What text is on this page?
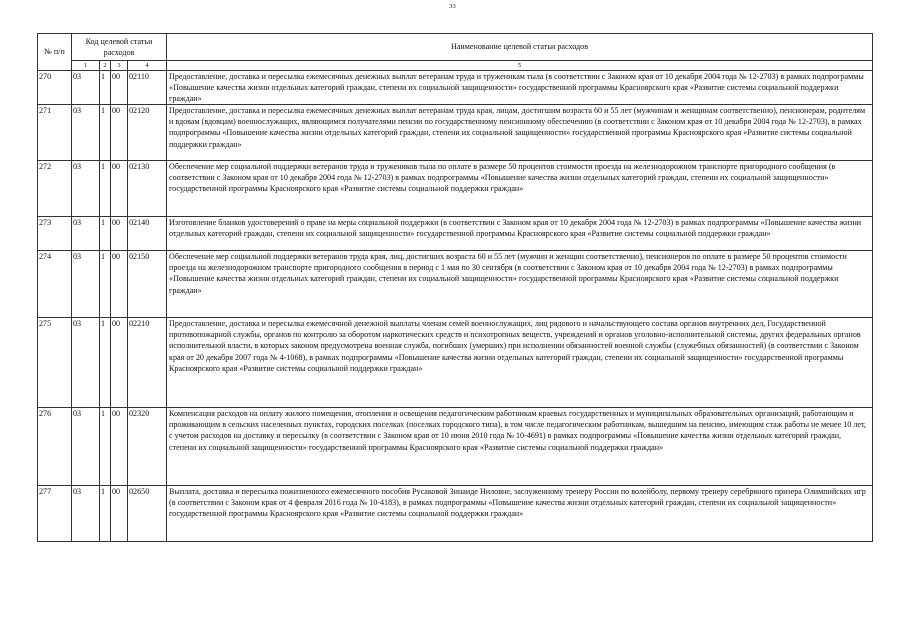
33
№ п/п	Код целевой статьи расходов				Наименование целевой статьи расходов
	1	2	3	4	5
270	03	1	00	02110	Предоставление, доставка и пересылка ежемесячных денежных выплат ветеранам труда и труженикам тыла (в соответствии с Законом края от 10 декабря 2004 года № 12-2703) в рамках подпрограммы «Повышение качества жизни отдельных категорий граждан, степени их социальной защищенности» государственной программы Красноярского края «Развитие системы социальной поддержки граждан»
271	03	1	00	02120	Предоставление, доставка и пересылка ежемесячных денежных выплат ветеранам труда края, лицам, достигшим возраста 60 и 55 лет (мужчинам и женщинам соответственно), пенсионерам, родителям и вдовам (вдовцам) военнослужащих, являющимся получателями пенсии по государственному пенсионному обеспечению (в соответствии с Законом края от 10 декабря 2004 года № 12-2703), в рамках подпрограммы «Повышение качества жизни отдельных категорий граждан, степени их социальной защищенности» государственной программы Красноярского края «Развитие системы социальной поддержки граждан»
272	03	1	00	02130	Обеспечение мер социальной поддержки ветеранов труда и тружеников тыла по оплате в размере 50 процентов стоимости проезда на железнодорожном транспорте пригородного сообщения (в соответствии с Законом края от 10 декабря 2004 года № 12-2703) в рамках подпрограммы «Повышение качества жизни отдельных категорий граждан, степени их социальной защищенности» государственной программы Красноярского края «Развитие системы социальной поддержки граждан»
273	03	1	00	02140	Изготовление бланков удостоверений о праве на меры социальной поддержки (в соответствии с Законом края от 10 декабря 2004 года № 12-2703) в рамках подпрограммы «Повышение качества жизни отдельных категорий граждан, степени их социальной защищенности» государственной программы Красноярского края «Развитие системы социальной поддержки граждан»
274	03	1	00	02150	Обеспечение мер социальной поддержки ветеранов труда края, лиц, достигших возраста 60 и 55 лет (мужчин и женщин соответственно), пенсионеров по оплате в размере 50 процентов стоимости проезда на железнодорожном транспорте пригородного сообщения в период с 1 мая по 30 сентября (в соответствии с Законом края от 10 декабря 2004 года № 12-2703) в рамках подпрограммы «Повышение качества жизни отдельных категорий граждан, степени их социальной защищенности» государственной программы Красноярского края «Развитие системы социальной поддержки граждан»
275	03	1	00	02210	Предоставление, доставка и пересылка ежемесячной денежной выплаты членам семей военнослужащих, лиц рядового и начальствующего состава органов внутренних дел, Государственной противопожарной службы, органов по контролю за оборотом наркотических средств и психотропных веществ, учреждений и органов уголовно-исполнительной системы, других федеральных органов исполнительной власти, в которых законом предусмотрена военная служба, погибших (умерших) при исполнении обязанностей военной службы (служебных обязанностей) (в соответствии с Законом края от 20 декабря 2007 года № 4-1068), в рамках подпрограммы «Повышение качества жизни отдельных категорий граждан, степени их социальной защищенности» государственной программы Красноярского края «Развитие системы социальной поддержки граждан»
276	03	1	00	02320	Компенсация расходов на оплату жилого помещения, отопления и освещения педагогическим работникам краевых государственных и муниципальных образовательных организаций, работающим и проживающим в сельских населенных пунктах, городских поселках (поселках городского типа), в том числе педагогическим работникам, вышедшим на пенсию, имеющим стаж работы не менее 10 лет, с учетом расходов на доставку и пересылку (в соответствии с Законом края от 10 июня 2010 года № 10-4691) в рамках подпрограммы «Повышение качества жизни отдельных категорий граждан, степени их социальной защищенности» государственной программы Красноярского края «Развитие системы социальной поддержки граждан»
277	03	1	00	02650	Выплата, доставка и пересылка пожизненного ежемесячного пособия Русаковой Зинаиде Ниловне, заслуженному тренеру России по волейболу, первому тренеру серебряного призера Олимпийских игр (в соответствии с Законом края от 4 февраля 2016 года № 10-4183), в рамках подпрограммы «Повышение качества жизни отдельных категорий граждан, степени их социальной защищенности» государственной программы Красноярского края «Развитие системы социальной поддержки граждан»
